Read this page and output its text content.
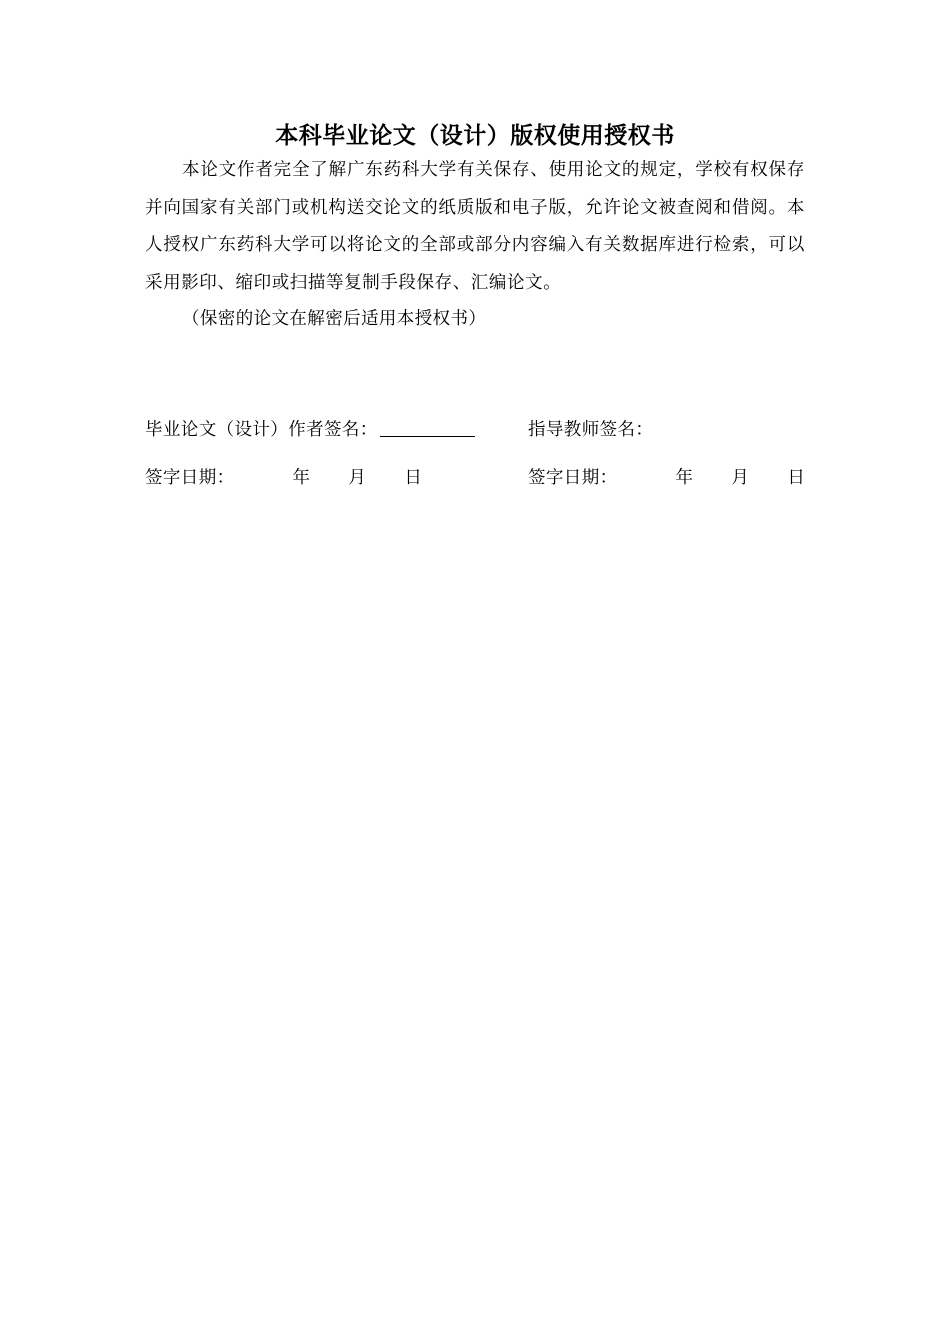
本科毕业论文（设计）版权使用授权书

本论文作者完全了解广东药科大学有关保存、使用论文的规定，学校有权保存并向国家有关部门或机构送交论文的纸质版和电子版，允许论文被查阅和借阅。本人授权广东药科大学可以将论文的全部或部分内容编入有关数据库进行检索，可以采用影印、缩印或扫描等复制手段保存、汇编论文。

（保密的论文在解密后适用本授权书）

毕业论文（设计）作者签名：	指导教师签名：
签字日期：	年 月 日	签字日期：	年 月 日
